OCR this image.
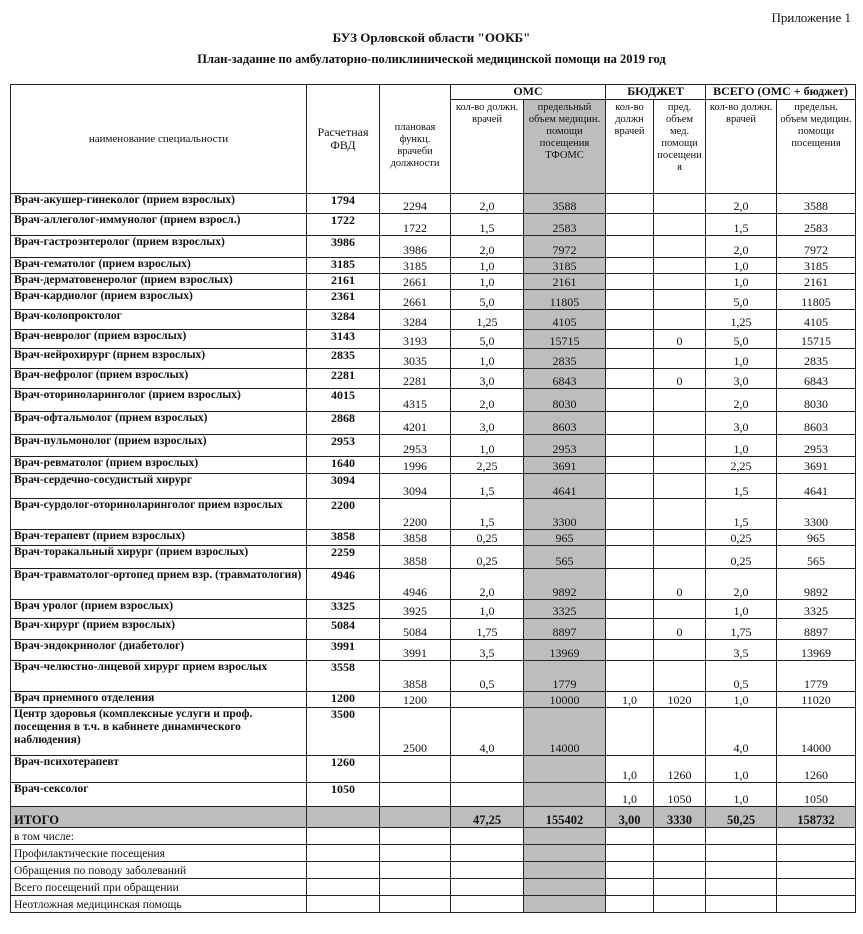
Приложение 1
БУЗ Орловской области "ООКБ"
План-задание по амбулаторно-поликлинической медицинской помощи на 2019 год
наименование специальности	Расчетная ФВД	плановая функц. врачеби должности	ОМС		БЮДЖЕТ		ВСЕГО (ОМС + бюджет)	
			кол-во должн. врачей	предельный объем медицин. помощи посещения ТФОМС	кол-во должн врачей	пред. объем мед. помощи посещени я	кол-во должн. врачей	предельн. объем медицин. помощи посещения
Врач-акушер-гинеколог (прием взрослых)	1794	2294	2,0	3588			2,0	3588
Врач-аллеголог-иммунолог (прием взросл.)	1722	1722	1,5	2583			1,5	2583
Врач-гастроэнтеролог (прием взрослых)	3986	3986	2,0	7972			2,0	7972
Врач-гематолог (прием взрослых)	3185	3185	1,0	3185			1,0	3185
Врач-дерматовенеролог (прием взрослых)	2161	2661	1,0	2161			1,0	2161
Врач-кардиолог (прием взрослых)	2361	2661	5,0	11805			5,0	11805
Врач-колопроктолог	3284	3284	1,25	4105			1,25	4105
Врач-невролог (прием взрослых)	3143	3193	5,0	15715		0	5,0	15715
Врач-нейрохирург (прием взрослых)	2835	3035	1,0	2835			1,0	2835
Врач-нефролог (прием взрослых)	2281	2281	3,0	6843		0	3,0	6843
Врач-оториноларинголог (прием взрослых)	4015	4315	2,0	8030			2,0	8030
Врач-офтальмолог (прием взрослых)	2868	4201	3,0	8603			3,0	8603
Врач-пульмонолог (прием взрослых)	2953	2953	1,0	2953			1,0	2953
Врач-ревматолог (прием взрослых)	1640	1996	2,25	3691			2,25	3691
Врач-сердечно-сосудистый хирург	3094	3094	1,5	4641			1,5	4641
Врач-сурдолог-оториноларинголог прием взрослых	2200	2200	1,5	3300			1,5	3300
Врач-терапевт (прием взрослых)	3858	3858	0,25	965			0,25	965
Врач-торакальный хирург (прием взрослых)	2259	3858	0,25	565			0,25	565
Врач-травматолог-ортопед прием взр. (травматология)	4946	4946	2,0	9892		0	2,0	9892
Врач уролог (прием взрослых)	3325	3925	1,0	3325			1,0	3325
Врач-хирург (прием взрослых)	5084	5084	1,75	8897		0	1,75	8897
Врач-эндокринолог (диабетолог)	3991	3991	3,5	13969			3,5	13969
Врач-челюстно-лицевой хирург прием взрослых	3558	3858	0,5	1779			0,5	1779
Врач приемного отделения	1200	1200		10000	1,0	1020	1,0	11020
Центр здоровья (комплексные услуги и проф. посещения в т.ч. в кабинете динамического наблюдения)	3500	2500	4,0	14000			4,0	14000
Врач-психотерапевт	1260				1,0	1260	1,0	1260
Врач-сексолог	1050				1,0	1050	1,0	1050
ИТОГО			47,25	155402	3,00	3330	50,25	158732
в том числе:								
Профилактические посещения								
Обращения по поводу заболеваний								
Всего посещений при обращении								
Неотложная медицинская помощь								
